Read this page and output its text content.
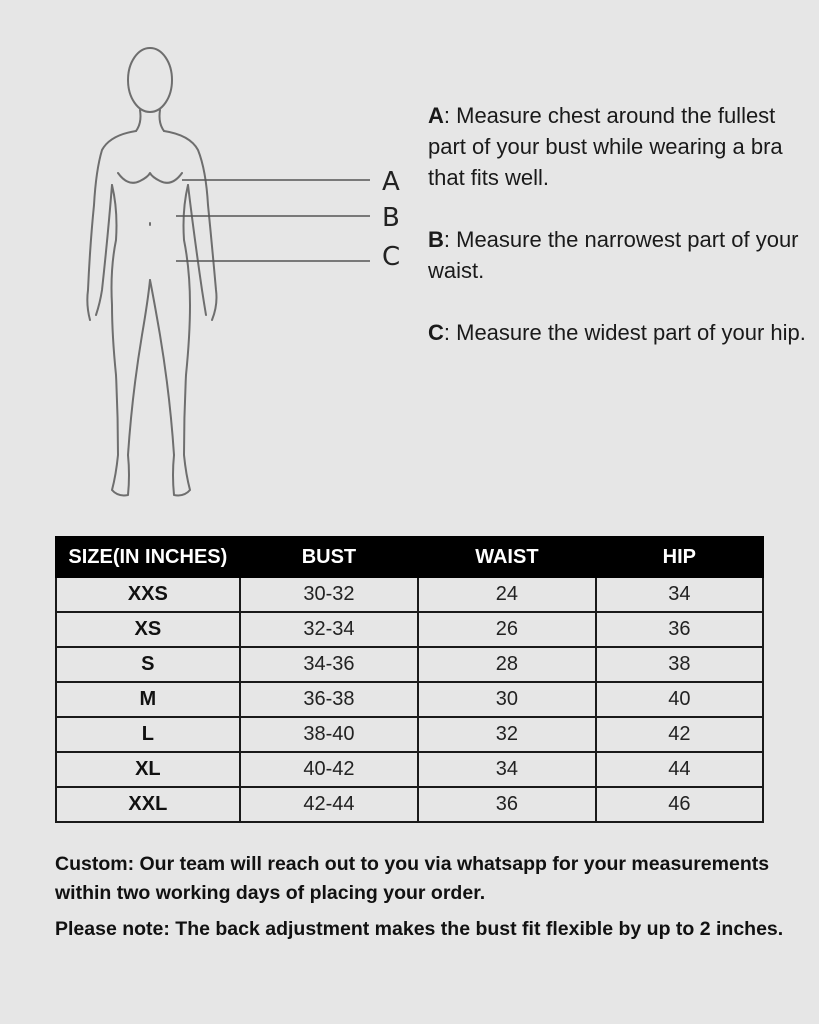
A
B
C

A: Measure chest around the fullest part of your bust while wearing a bra that fits well.

B: Measure the narrowest part of your waist.

C: Measure the widest part of your hip.

SIZE(IN INCHES)	BUST	WAIST	HIP
XXS	30-32	24	34
XS	32-34	26	36
S	34-36	28	38
M	36-38	30	40
L	38-40	32	42
XL	40-42	34	44
XXL	42-44	36	46

Custom: Our team will reach out to you via whatsapp for your measurements within two working days of placing your order.

Please note: The back adjustment makes the bust fit flexible by up to 2 inches.
